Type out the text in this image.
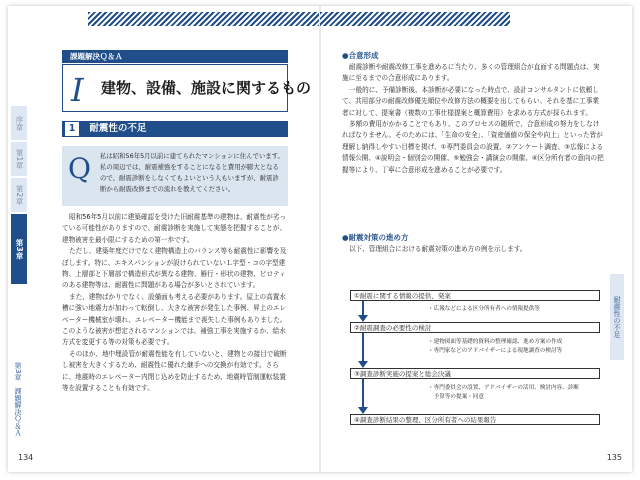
序章
第1章
第2章
第3章
第3章　課題解決Ｑ＆Ａ
課題解決Ｑ＆Ａ
I 建物、設備、施設に関するもの
1 耐震性の不足
Q 私は昭和56年5月以前に建てられたマンションに住んでいます。私の周辺では、耐震補強をすることになると費用が膨大となるので、耐震診断をしなくてもよいという人もいますが、耐震診断から耐震改修までの流れを教えてください。

昭和56年5月以前に建築確認を受けた旧耐震基準の建物は、耐震性が劣っている可能性がありますので、耐震診断を実施して実態を把握することが、建物被害を最小限にするための第一歩です。

ただし、建築年度だけでなく建物構造上のバランス等も耐震性に影響を及ぼします。特に、エキスパンションが設けられていないＬ字型・コの字型建物、上層部と下層部で構造形式が異なる建物、雁行・形状の建物、ピロティのある建物等は、耐震性に問題がある場合が多いとされています。

また、建物ばかりでなく、設備面も考える必要があります。屋上の高置水槽に強い地震力が加わって転倒し、大きな被害が発生した事例、昇上のエレベーター機械室が壊れ、エレベーター機能まで喪失した事例もありました。このような被害が想定されるマンションでは、補強工事を実施するか、給水方式を変更する等の対策も必要です。

そのほか、地中埋設管が耐震性能を有していないと、建物との接目で破断し被害を大きくするため、耐震性に優れた継手への交換が有効です。さらに、地震時のエレベーター内閉じ込めを防止するため、地震時管制運転装置等を設置することも有効です。

134
●合意形成

耐震診断や耐震改修工事を進めるに当たり、多くの管理組合が直面する問題点は、実施に至るまでの合意形成にあります。

一般的に、予備診断後、本診断が必要になった時点で、設計コンサルタントに依頼して、共用部分の耐震改修優先順位や改修方法の概要を出してもらい、それを基に工事業者に対して、提案書（複数の工事仕様提案と概算費用）を求める方式が採られます。

多額の費用がかかることでもあり、このプロセスの随所で、合意形成の努力をしなければなりません。そのためには、「生命の安全」、「資産価値の保全や向上」といった皆が理解し納得しやすい目標を掲げ、①専門委員会の設置、②アンケート調査、③広報による情報公開、④説明会・個別会の開催、⑤勉強会・講演会の開催、⑥区分所有者の意向の把握等により、丁寧に合意形成を進めることが必要です。

●耐震対策の進め方

以下、管理組合における耐震対策の進め方の例を示します。

①耐震に関する情報の提供、発案
・広報などによる区分所有者への情報提供等
②耐震調査の必要性の検討
・建物図面等基礎的資料の整理確認、進め方案の作成
・専門家などのアドバイザーによる現地調査の検討等
③調査診断実施の提案と総会決議
・専門委員会の設置、アドバイザーの活用、検討内容、診断
　予算等の提案・同意
④調査診断結果の整理、区分所有者への結果報告
耐震性の不足
135
